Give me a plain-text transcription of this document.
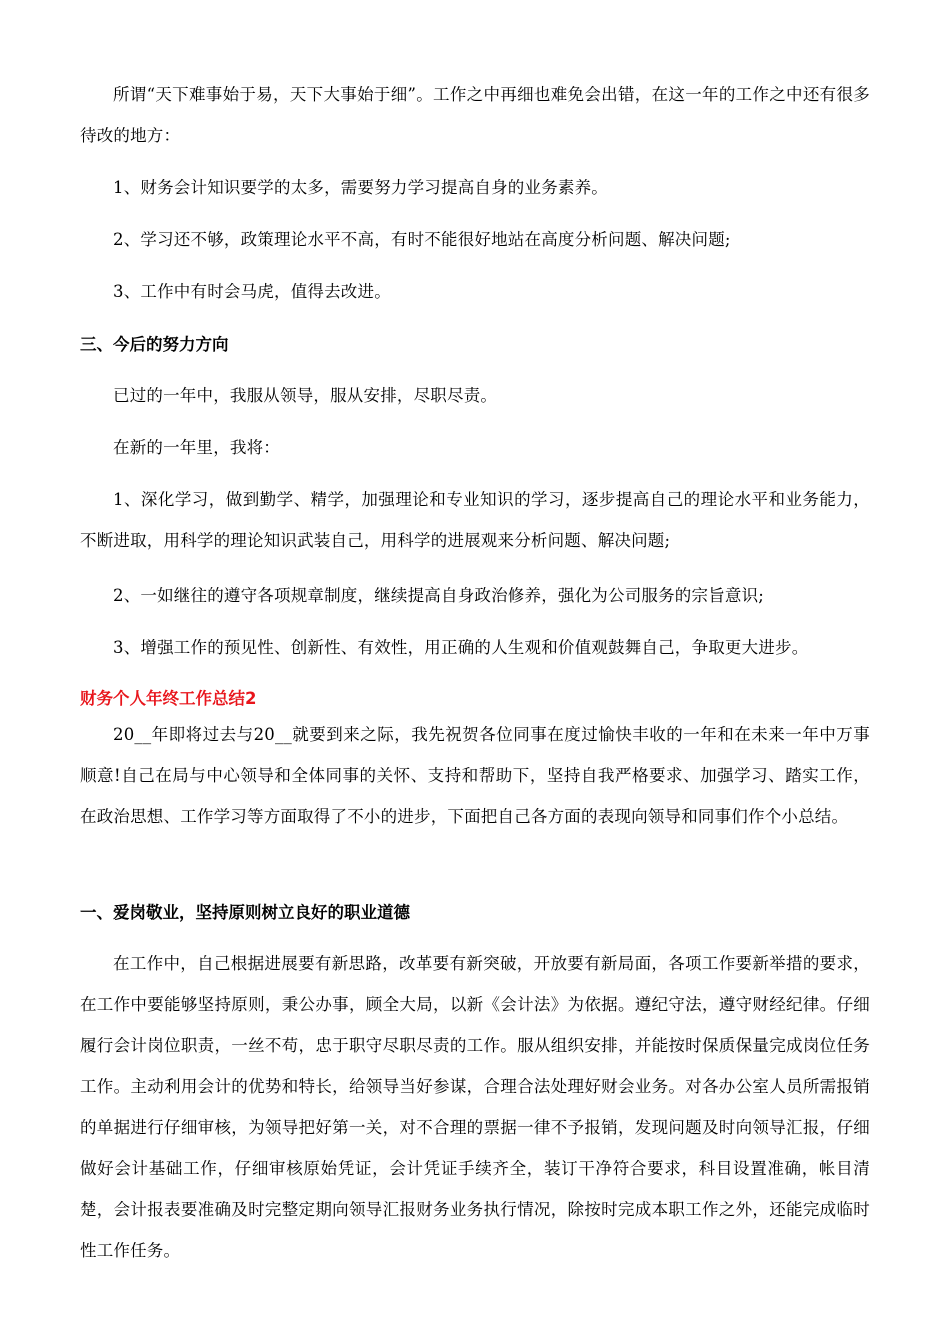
所谓“天下难事始于易，天下大事始于细”。工作之中再细也难免会出错，在这一年的工作之中还有很多待改的地方：

1、财务会计知识要学的太多，需要努力学习提高自身的业务素养。

2、学习还不够，政策理论水平不高，有时不能很好地站在高度分析问题、解决问题;

3、工作中有时会马虎，值得去改进。

三、今后的努力方向

已过的一年中，我服从领导，服从安排，尽职尽责。

在新的一年里，我将：

1、深化学习，做到勤学、精学，加强理论和专业知识的学习，逐步提高自己的理论水平和业务能力，不断进取，用科学的理论知识武装自己，用科学的进展观来分析问题、解决问题;

2、一如继往的遵守各项规章制度，继续提高自身政治修养，强化为公司服务的宗旨意识;

3、增强工作的预见性、创新性、有效性，用正确的人生观和价值观鼓舞自己，争取更大进步。

财务个人年终工作总结2

20__年即将过去与20__就要到来之际，我先祝贺各位同事在度过愉快丰收的一年和在未来一年中万事顺意!自己在局与中心领导和全体同事的关怀、支持和帮助下，坚持自我严格要求、加强学习、踏实工作，在政治思想、工作学习等方面取得了不小的进步，下面把自己各方面的表现向领导和同事们作个小总结。

一、爱岗敬业，坚持原则树立良好的职业道德

在工作中，自己根据进展要有新思路，改革要有新突破，开放要有新局面，各项工作要新举措的要求，在工作中要能够坚持原则，秉公办事，顾全大局，以新《会计法》为依据。遵纪守法，遵守财经纪律。仔细履行会计岗位职责，一丝不苟，忠于职守尽职尽责的工作。服从组织安排，并能按时保质保量完成岗位任务工作。主动利用会计的优势和特长，给领导当好参谋，合理合法处理好财会业务。对各办公室人员所需报销的单据进行仔细审核，为领导把好第一关，对不合理的票据一律不予报销，发现问题及时向领导汇报，仔细做好会计基础工作，仔细审核原始凭证，会计凭证手续齐全，装订干净符合要求，科目设置准确，帐目清楚，会计报表要准确及时完整定期向领导汇报财务业务执行情况，除按时完成本职工作之外，还能完成临时性工作任务。
